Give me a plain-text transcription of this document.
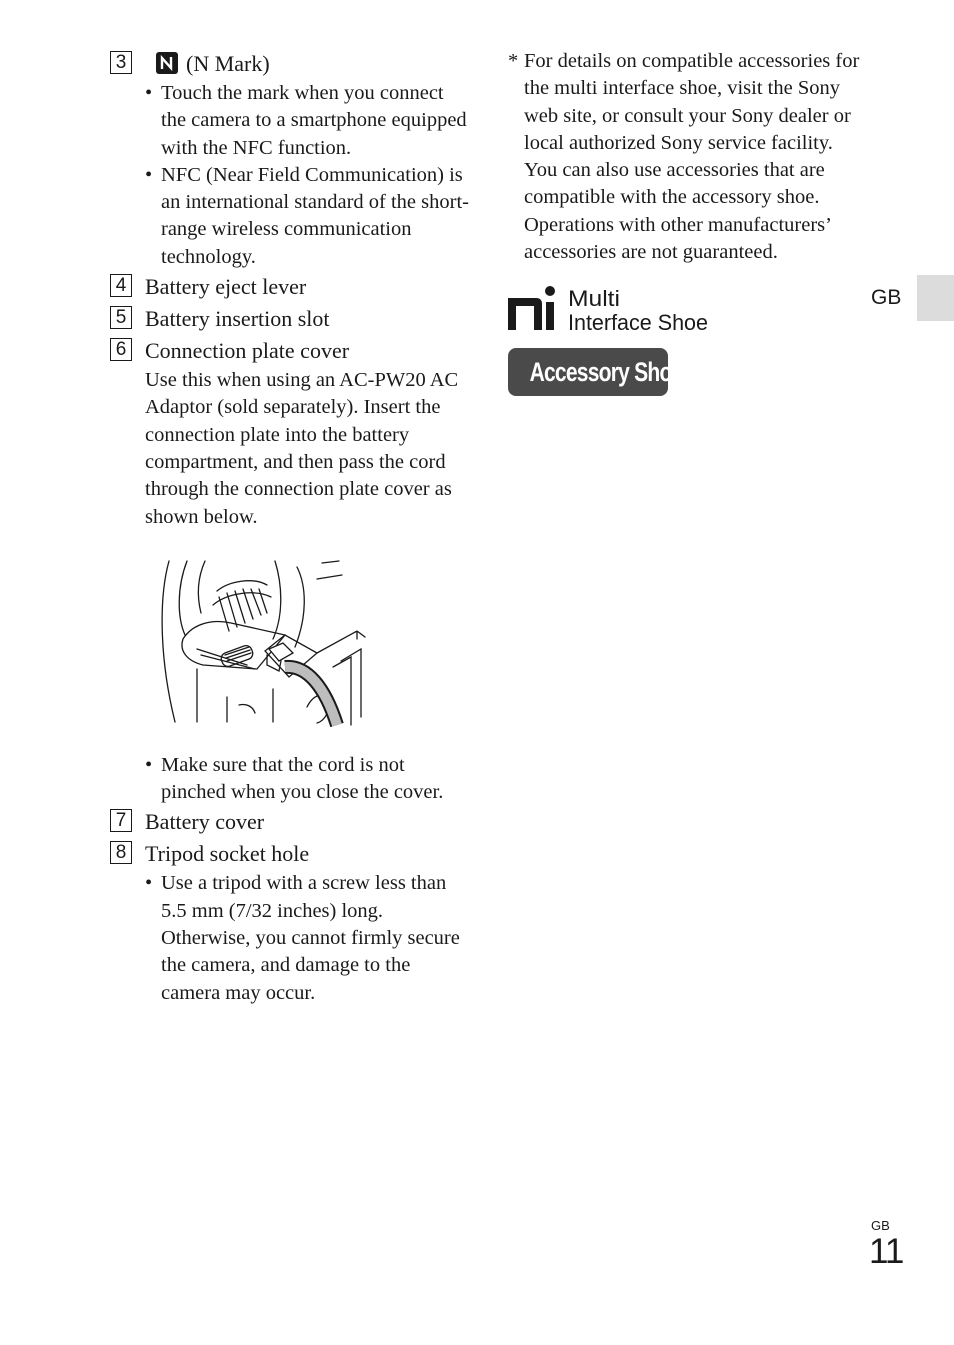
3	(N Mark)
• Touch the mark when you connect the camera to a smartphone equipped with the NFC function.
• NFC (Near Field Communication) is an international standard of the short-range wireless communication technology.
4 Battery eject lever
5 Battery insertion slot
6 Connection plate cover
Use this when using an AC-PW20 AC Adaptor (sold separately). Insert the connection plate into the battery compartment, and then pass the cord through the connection plate cover as shown below.
• Make sure that the cord is not pinched when you close the cover.
7 Battery cover
8 Tripod socket hole
• Use a tripod with a screw less than 5.5 mm (7/32 inches) long. Otherwise, you cannot firmly secure the camera, and damage to the camera may occur.
* For details on compatible accessories for the multi interface shoe, visit the Sony web site, or consult your Sony dealer or local authorized Sony service facility. You can also use accessories that are compatible with the accessory shoe. Operations with other manufacturers’ accessories are not guaranteed.
Multi
Interface Shoe
Accessory Shoe
GB
GB
11
